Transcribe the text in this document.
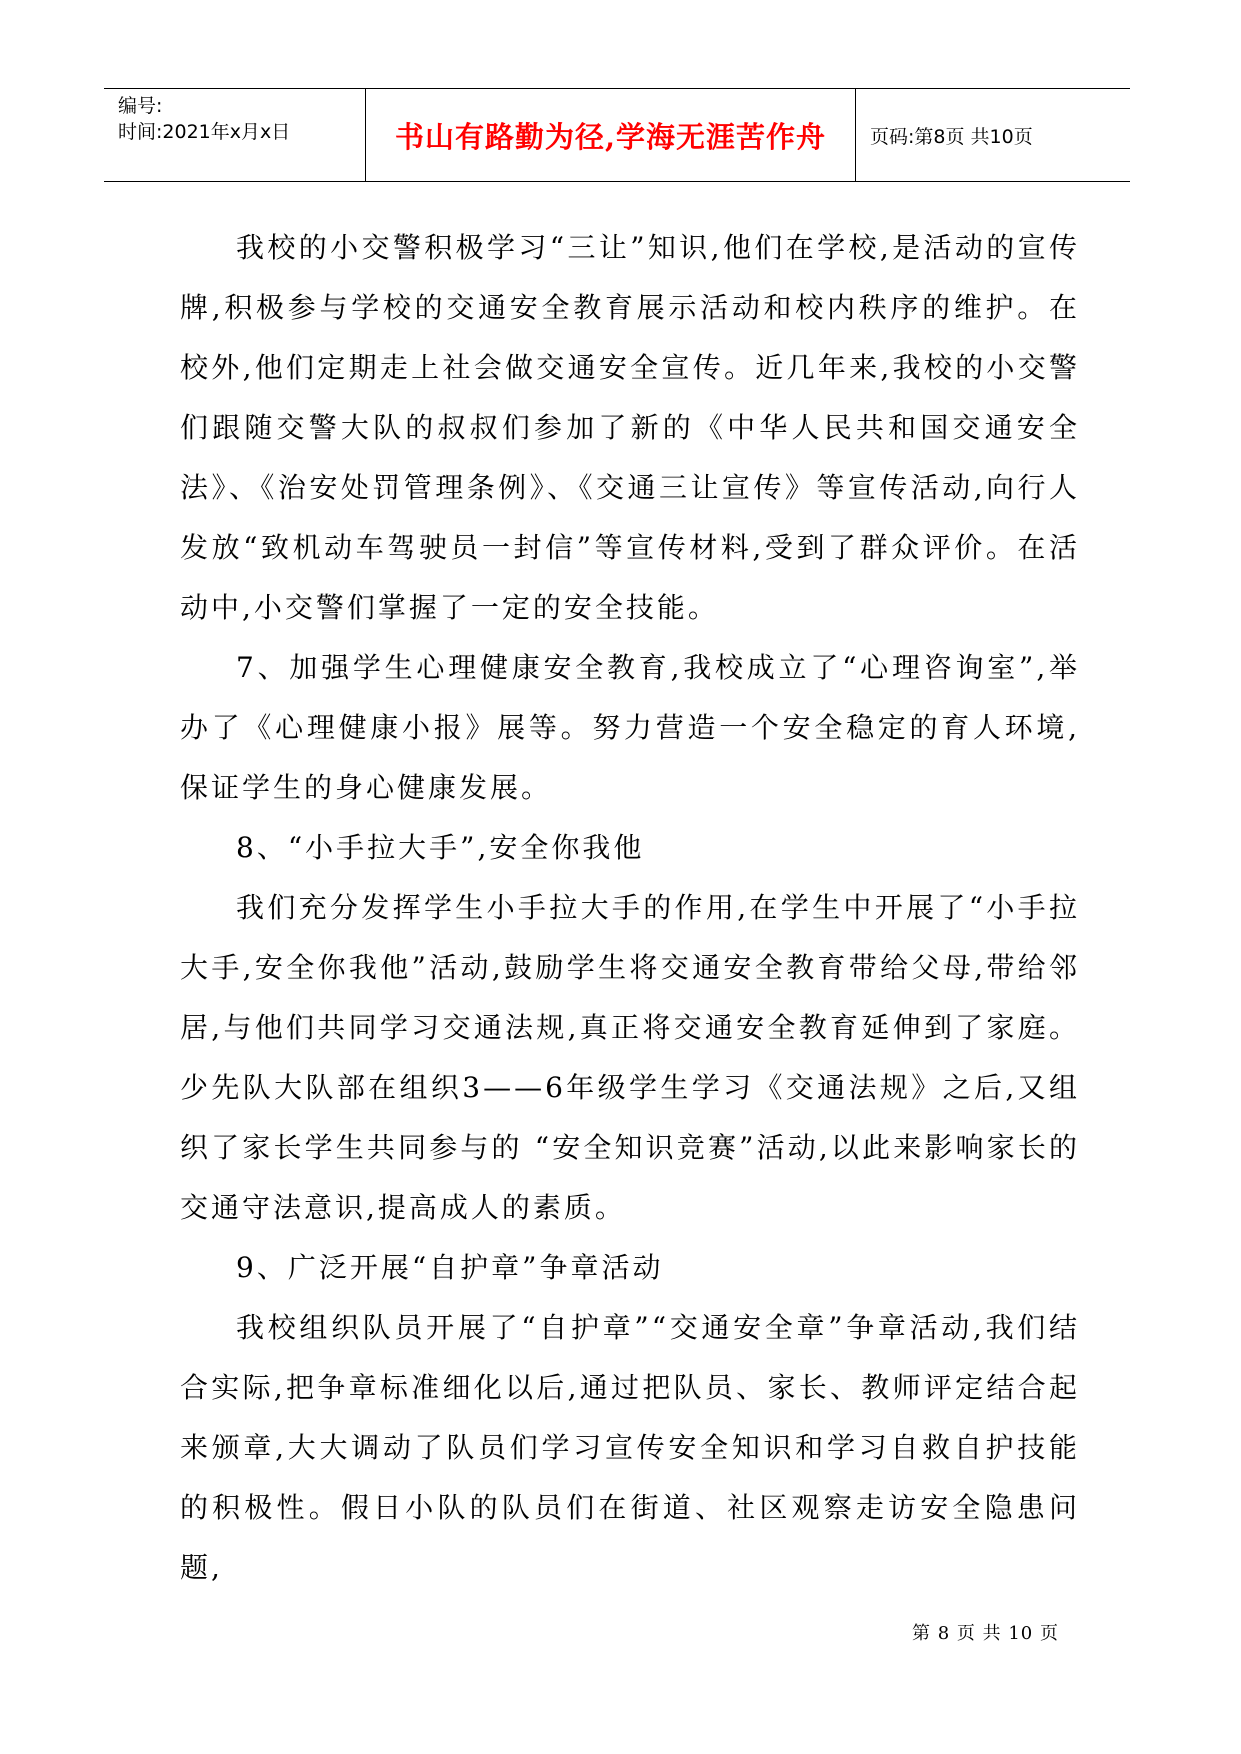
编号:
时间:2021年x月x日	书山有路勤为径,学海无涯苦作舟	页码:第8页 共10页

我校的小交警积极学习“三让”知识,他们在学校,是活动的宣传牌,积极参与学校的交通安全教育展示活动和校内秩序的维护。在校外,他们定期走上社会做交通安全宣传。近几年来,我校的小交警们跟随交警大队的叔叔们参加了新的《中华人民共和国交通安全法》、《治安处罚管理条例》、《交通三让宣传》等宣传活动,向行人发放“致机动车驾驶员一封信”等宣传材料,受到了群众评价。在活动中,小交警们掌握了一定的安全技能。

7、加强学生心理健康安全教育,我校成立了“心理咨询室”,举办了《心理健康小报》展等。努力营造一个安全稳定的育人环境,保证学生的身心健康发展。

8、“小手拉大手”,安全你我他

我们充分发挥学生小手拉大手的作用,在学生中开展了“小手拉大手,安全你我他”活动,鼓励学生将交通安全教育带给父母,带给邻居,与他们共同学习交通法规,真正将交通安全教育延伸到了家庭。少先队大队部在组织3——6年级学生学习《交通法规》之后,又组织了家长学生共同参与的 “安全知识竞赛”活动,以此来影响家长的交通守法意识,提高成人的素质。

9、广泛开展“自护章”争章活动

我校组织队员开展了“自护章”“交通安全章”争章活动,我们结合实际,把争章标准细化以后,通过把队员、家长、教师评定结合起来颁章,大大调动了队员们学习宣传安全知识和学习自救自护技能的积极性。假日小队的队员们在街道、社区观察走访安全隐患问题,

第 8 页 共 10 页
